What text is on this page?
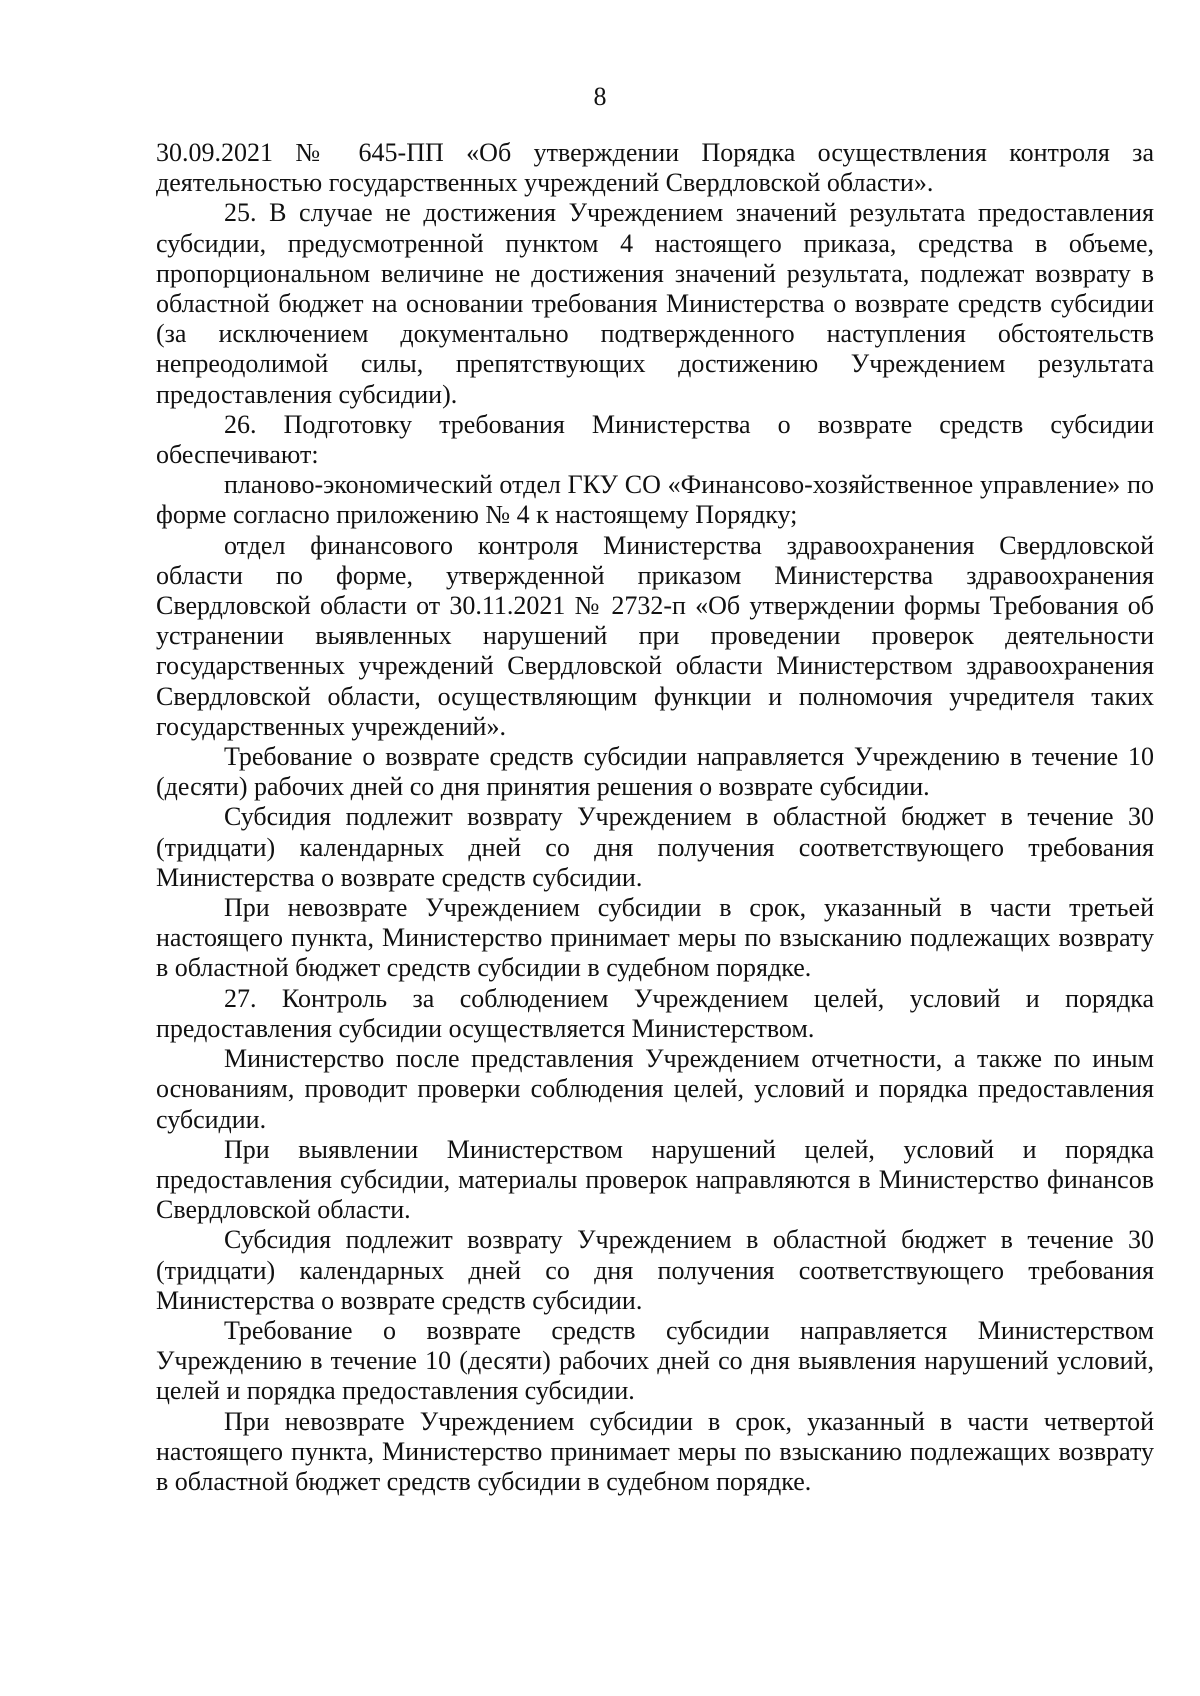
8

30.09.2021 № 645-ПП «Об утверждении Порядка осуществления контроля за деятельностью государственных учреждений Свердловской области».

25. В случае не достижения Учреждением значений результата предоставления субсидии, предусмотренной пунктом 4 настоящего приказа, средства в объеме, пропорциональном величине не достижения значений результата, подлежат возврату в областной бюджет на основании требования Министерства о возврате средств субсидии (за исключением документально подтвержденного наступления обстоятельств непреодолимой силы, препятствующих достижению Учреждением результата предоставления субсидии).

26. Подготовку требования Министерства о возврате средств субсидии обеспечивают:

планово-экономический отдел ГКУ СО «Финансово-хозяйственное управление» по форме согласно приложению № 4 к настоящему Порядку;

отдел финансового контроля Министерства здравоохранения Свердловской области по форме, утвержденной приказом Министерства здравоохранения Свердловской области от 30.11.2021 № 2732-п «Об утверждении формы Требования об устранении выявленных нарушений при проведении проверок деятельности государственных учреждений Свердловской области Министерством здравоохранения Свердловской области, осуществляющим функции и полномочия учредителя таких государственных учреждений».

Требование о возврате средств субсидии направляется Учреждению в течение 10 (десяти) рабочих дней со дня принятия решения о возврате субсидии.

Субсидия подлежит возврату Учреждением в областной бюджет в течение 30 (тридцати) календарных дней со дня получения соответствующего требования Министерства о возврате средств субсидии.

При невозврате Учреждением субсидии в срок, указанный в части третьей настоящего пункта, Министерство принимает меры по взысканию подлежащих возврату в областной бюджет средств субсидии в судебном порядке.

27. Контроль за соблюдением Учреждением целей, условий и порядка предоставления субсидии осуществляется Министерством.

Министерство после представления Учреждением отчетности, а также по иным основаниям, проводит проверки соблюдения целей, условий и порядка предоставления субсидии.

При выявлении Министерством нарушений целей, условий и порядка предоставления субсидии, материалы проверок направляются в Министерство финансов Свердловской области.

Субсидия подлежит возврату Учреждением в областной бюджет в течение 30 (тридцати) календарных дней со дня получения соответствующего требования Министерства о возврате средств субсидии.

Требование о возврате средств субсидии направляется Министерством Учреждению в течение 10 (десяти) рабочих дней со дня выявления нарушений условий, целей и порядка предоставления субсидии.

При невозврате Учреждением субсидии в срок, указанный в части четвертой настоящего пункта, Министерство принимает меры по взысканию подлежащих возврату в областной бюджет средств субсидии в судебном порядке.
